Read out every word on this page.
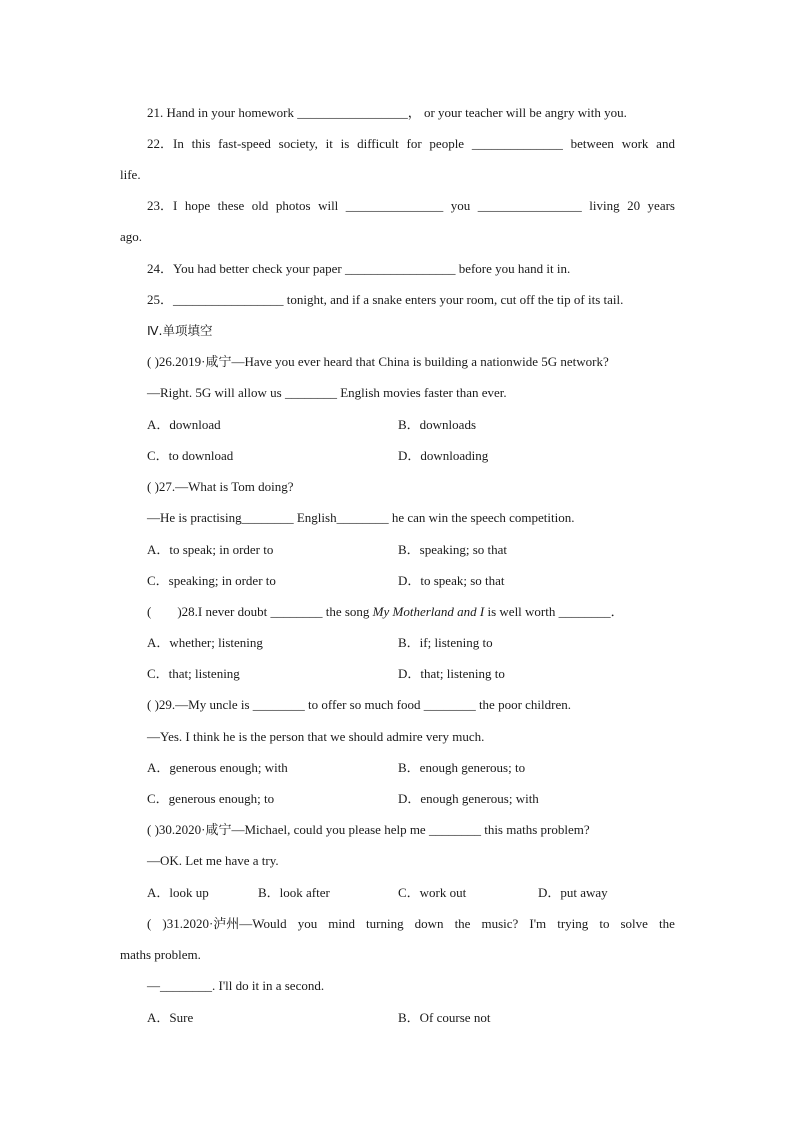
21. Hand in your homework _________________， or your teacher will be angry with you.
22．In this fast-speed society, it is difficult for people ______________ between work and
life.
23．I hope these old photos will _______________ you ________________ living 20 years
ago.
24．You had better check your paper _________________ before you hand it in.
25．_________________ tonight, and if a snake enters your room, cut off the tip of its tail.
Ⅳ.单项填空
( )26.2019·咸宁—Have you ever heard that China is building a nationwide 5G network?
—Right. 5G will allow us ________ English movies faster than ever.
A．download	B．downloads
C．to download	D．downloading
( )27.—What is Tom doing?
—He is practising________ English________ he can win the speech competition.
A．to speak; in order to	B．speaking; so that
C．speaking; in order to	D．to speak; so that
(        )28.I never doubt ________ the song My Motherland and I is well worth ________．
A．whether; listening	B．if; listening to
C．that; listening	D．that; listening to
( )29.—My uncle is ________ to offer so much food ________ the poor children.
—Yes. I think he is the person that we should admire very much.
A．generous enough; with	B．enough generous; to
C．generous enough; to	D．enough generous; with
( )30.2020·咸宁—Michael, could you please help me ________ this maths problem?
—OK. Let me have a try.
A．look up	B．look after	C．work out	D．put away
( )31.2020·泸州—Would you mind turning down the music? I'm trying to solve the
maths problem.
—________. I'll do it in a second.
A．Sure	B．Of course not
